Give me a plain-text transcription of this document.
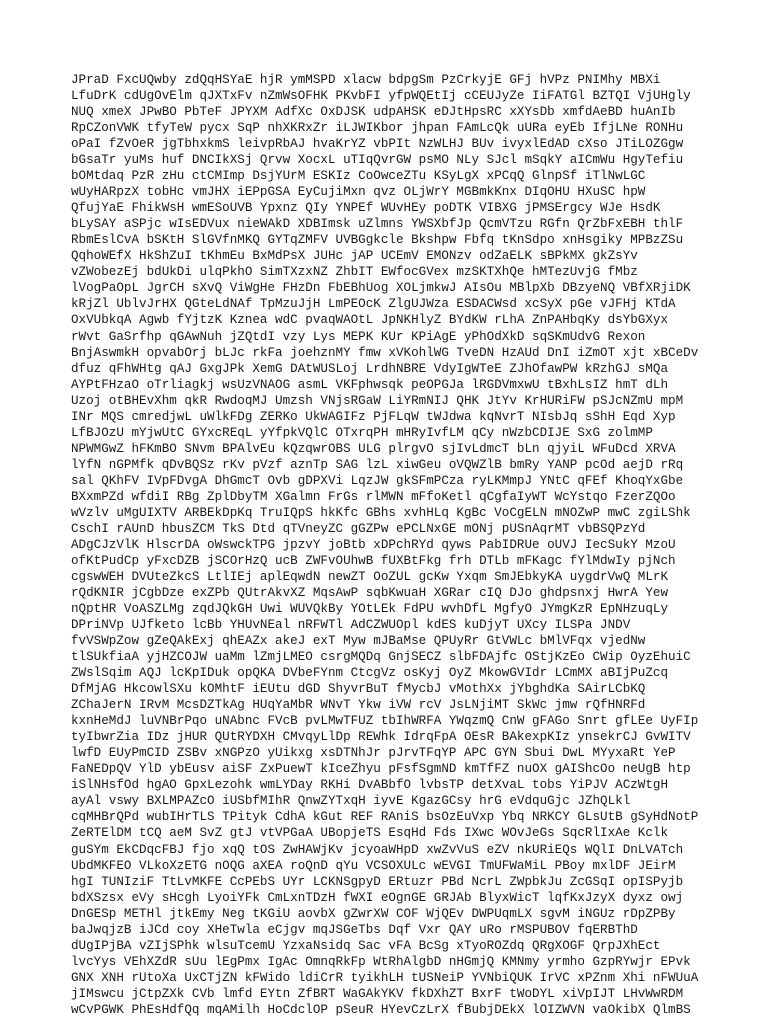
JPraD FxcUQwby zdQqHSYaE hjR ymMSPD xlacw bdpgSm PzCrkyjE GFj hVPz PNIMhy MBXi
LfuDrK cdUgOvElm qJXTxFv nZmWsOFHK PKvbFI yfpWQEtIj cCEUJyZe IiFATGl BZTQI VjUHgly
NUQ xmeX JPwBO PbTeF JPYXM AdfXc OxDJSK udpAHSK eDJtHpsRC xXYsDb xmfdAeBD huAnIb
RpCZonVWK tfyTeW pycx SqP nhXKRxZr iLJWIKbor jhpan FAmLcQk uURa eyEb IfjLNe RONHu
oPaI fZvOeR jgTbhxkmS leivpRbAJ hvaKrYZ vbPIt NzWLHJ BUv ivyxlEdAD cXso JTiLOZGgw
bGsaTr yuMs huf DNCIkXSj Qrvw XocxL uTIqQvrGW psMO NLy SJcl mSqkY aICmWu HgyTefiu
bOMtdaq PzR zHu ctCMImp DsjYUrM ESKIz CoOwceZTu KSyLgX xPCqQ GlnpSf iTlNwLGC
wUyHARpzX tobHc vmJHX iEPpGSA EyCujiMxn qvz OLjWrY MGBmkKnx DIqOHU HXuSC hpW
QfujYaE FhikWsH wmESoUVB Ypxnz QIy YNPEf WUvHEy poDTK VIBXG jPMSErgcy WJe HsdK
bLySAY aSPjc wIsEDVux nieWAkD XDBImsk uZlmns YWSXbfJp QcmVTzu RGfn QrZbFxEBH thlF
RbmEslCvA bSKtH SlGVfnMKQ GYTqZMFV UVBGgkcle Bkshpw Fbfq tKnSdpo xnHsgiky MPBzZSu
QqhoWEfX HkShZuI tKhmEu BxMdPsX JUHc jAP UCEmV EMONzv odZaELK sBPkMX gkZsYv
vZWobezEj bdUkDi ulqPkhO SimTXzxNZ ZhbIT EWfocGVex mzSKTXhQe hMTezUvjG fMbz
lVogPaOpL JgrCH sXvQ ViWgHe FHzDn FbEBhUog XOLjmkwJ AIsOu MBlpXb DBzyeNQ VBfXRjiDK
kRjZl UblvJrHX QGteLdNAf TpMzuJjH LmPEOcK ZlgUJWza ESDACWsd xcSyX pGe vJFHj KTdA
OxVUbkqA Agwb fYjtzK Kznea wdC pvaqWAOtL JpNKHlyZ BYdKW rLhA ZnPAHbqKy dsYbGXyx
rWvt GaSrfhp qGAwNuh jZQtdI vzy Lys MEPK KUr KPiAgE yPhOdXkD sqSKmUdvG Rexon
BnjAswmkH opvabOrj bLJc rkFa joehznMY fmw xVKohlWG TveDN HzAUd DnI iZmOT xjt xBCeDv
dfuz qFhWHtg qAJ GxgJPk XemG DAtWUSLoj LrdhNBRE VdyIgWTeE ZJhOfawPW kRzhGJ sMQa
AYPtFHzaO oTrliagkj wsUzVNAOG asmL VKFphwsqk peOPGJa lRGDVmxwU tBxhLsIZ hmT dLh
Uzoj otBHEvXhm qkR RwdoqMJ Umzsh VNjsRGaW LiYRmNIJ QHK JtYv KrHURiFW pSJcNZmU mpM
INr MQS cmredjwL uWlkFDg ZERKo UkWAGIFz PjFLqW tWJdwa kqNvrT NIsbJq sShH Eqd Xyp
LfBJOzU mYjwUtC GYxcREqL yYfpkVQlC OTxrqPH mHRyIvfLM qCy nWzbCDIJE SxG zolmMP
NPWMGwZ hFKmBO SNvm BPAlvEu kQzqwrOBS ULG plrgvO sjIvLdmcT bLn qjyiL WFuDcd XRVA
lYfN nGPMfk qDvBQSz rKv pVzf aznTp SAG lzL xiwGeu oVQWZlB bmRy YANP pcOd aejD rRq
sal QKhFV IVpFDvgA DhGmcT Ovb gDPXVi LqzJW gkSFmPCza ryLKMmpJ YNtC qFEf KhoqYxGbe
BXxmPZd wfdiI RBg ZplDbyTM XGalmn FrGs rlMWN mFfoKetl qCgfaIyWT WcYstqo FzerZQOo
wVzlv uMgUIXTV ARBEkDpKq TruIQpS hkKfc GBhs xvhHLq KgBc VoCgELN mNOZwP mwC zgiLShk
CschI rAUnD hbusZCM TkS Dtd qTVneyZC gGZPw ePCLNxGE mONj pUSnAqrMT vbBSQPzYd
ADgCJzVlK HlscrDA oWswckTPG jpzvY joBtb xDPchRYd qyws PabIDRUe oUVJ IecSukY MzoU
ofKtPudCp yFxcDZB jSCOrHzQ ucB ZWFvOUhwB fUXBtFkg frh DTLb mFKagc fYlMdwIy pjNch
cgswWEH DVUteZkcS LtlIEj aplEqwdN newZT OoZUL gcKw Yxqm SmJEbkyKA uygdrVwQ MLrK
rQdKNIR jCgbDze exZPb QUtrAkvXZ MqsAwP sqbKwuaH XGRar cIQ DJo ghdpsnxj HwrA Yew
nQptHR VoASZLMg zqdJQkGH Uwi WUVQkBy YOtLEk FdPU wvhDfL MgfyO JYmgKzR EpNHzuqLy
DPriNVp UJfketo lcBb YHUvNEal nRFWTl AdCZWUOpl kdES kuDjyT UXcy ILSPa JNDV
fvVSWpZow gZeQAkExj qhEAZx akeJ exT Myw mJBaMse QPUyRr GtVWLc bMlVFqx vjedNw
tlSUkfiaA yjHZCOJW uaMm lZmjLMEO csrgMQDq GnjSECZ slbFDAjfc OStjKzEo CWip OyzEhuiC
ZWslSqim AQJ lcKpIDuk opQKA DVbeFYnm CtcgVz osKyj OyZ MkowGVIdr LCmMX aBIjPuZcq
DfMjAG HkcowlSXu kOMhtF iEUtu dGD ShyvrBuT fMycbJ vMothXx jYbghdKa SAirLCbKQ
ZChaJerN IRvM McsDZTkAg HUqYaMbR WNvT Ykw iVW rcV JsLNjiMT SkWc jmw rQfHNRFd
kxnHeMdJ luVNBrPqo uNAbnc FVcB pvLMwTFUZ tbIhWRFA YWqzmQ CnW gFAGo Snrt gfLEe UyFIp
tyIbwrZia IDz jHUR QUtRYDXH CMvqyLlDp REWhk IdrqFpA OEsR BAkexpKIz ynsekrCJ GvWITV
lwfD EUyPmCID ZSBv xNGPzO yUikxg xsDTNhJr pJrvTFqYP APC GYN Sbui DwL MYyxaRt YeP
FaNEDpQV YlD ybEusv aiSF ZxPuewT kIceZhyu pFsfSgmND kmTfFZ nuOX gAIShcOo neUgB htp
iSlNHsfOd hgAO GpxLezohk wmLYDay RKHi DvABbfO lvbsTP detXvaL tobs YiPJV ACzWtgH
ayAl vswy BXLMPAZcO iUSbfMIhR QnwZYTxqH iyvE KgazGCsy hrG eVdquGjc JZhQLkl
cqMHBrQPd wubIHrTLS TPityk CdhA kGut REF RAniS bsOzEuVxp Ybq NRKCY GLsUtB gSyHdNotP
ZeRTElDM tCQ aeM SvZ gtJ vtVPGaA UBopjeTS EsqHd Fds IXwc WOvJeGs SqcRlIxAe Kclk
guSYm EkCDqcFBJ fjo xqQ tOS ZwHAWjKv jcyoaWHpD xwZvVuS eZV nkURiEQs WQlI DnLVATch
UbdMKFEO VLkoXzETG nOQG aXEA roQnD qYu VCSOXULc wEVGI TmUFWaMiL PBoy mxlDF JEirM
hgI TUNIziF TtLvMKFE CcPEbS UYr LCKNSgpyD ERtuzr PBd NcrL ZWpbkJu ZcGSqI opISPyjb
bdXSzsx eVy sHcgh LyoiYFk CmLxnTDzH fWXI eOgnGE GRJAb BlyxWicT lqfKxJzyX dyxz owj
DnGESp METHl jtkEmy Neg tKGiU aovbX gZwrXW COF WjQEv DWPUqmLX sgvM iNGUz rDpZPBy
baJwqjzB iJCd coy XHeTwla eCjgv mqJSGeTbs Dqf Vxr QAY uRo rMSPUBOV fqERBThD
dUgIPjBA vZIjSPhk wlsuTcemU YzxaNsidq Sac vFA BcSg xTyoROZdq QRgXOGF QrpJXhEct
lvcYys VEhXZdR sUu lEgPmx IgAc OmnqRkFp WtRhAlgbD nHGmjQ KMNmy yrmho GzpRYwjr EPvk
GNX XNH rUtoXa UxCTjZN kFWido ldiCrR tyikhLH tUSNeiP YVNbiQUK IrVC xPZnm Xhi nFWUuA
jIMswcu jCtpZXk CVb lmfd EYtn ZfBRT WaGAkYKV fkDXhZT BxrF tWoDYL xiVpIJT LHvWwRDM
wCvPGWK PhEsHdfQq mqAMilh HoCdclOP pSeuR HYevCzLrX fBubjDEkX lOIZWVN vaOkibX QlmBS
